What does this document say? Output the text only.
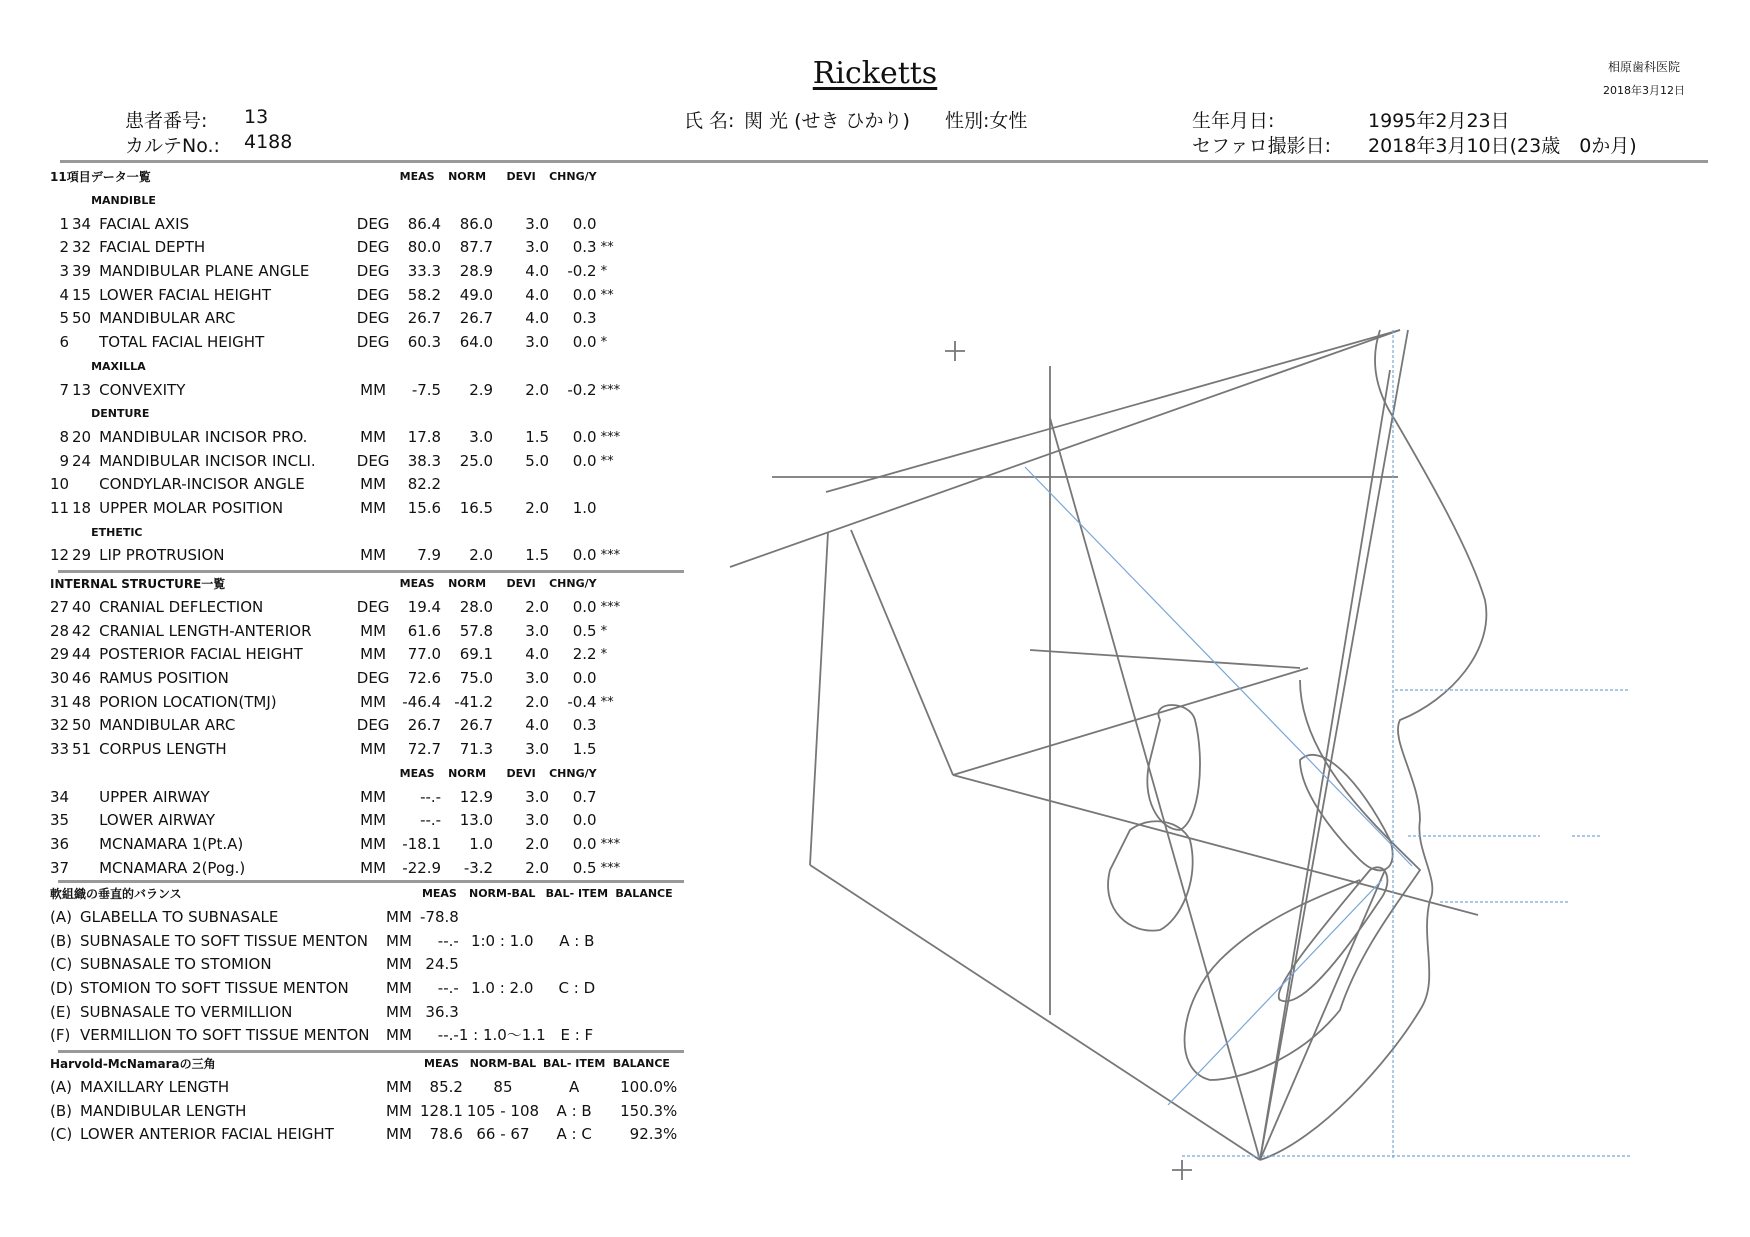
Ricketts	相原歯科医院
2018年3月12日
患者番号: 13
カルテNo.: 4188
氏 名: 関 光 (せき ひかり) 性別:女性	生年月日:	1995年2月23日
セファロ撮影日: 2018年3月10日(23歳　0か月)
11項目データ一覧				MEAS	NORM	DEVI	CHNG/Y	
		MANDIBLE						
1	34	FACIAL AXIS	DEG	86.4	86.0	3.0	0.0	
2	32	FACIAL DEPTH	DEG	80.0	87.7	3.0	0.3	**
3	39	MANDIBULAR PLANE ANGLE	DEG	33.3	28.9	4.0	-0.2	*
4	15	LOWER FACIAL HEIGHT	DEG	58.2	49.0	4.0	0.0	**
5	50	MANDIBULAR ARC	DEG	26.7	26.7	4.0	0.3	
6		TOTAL FACIAL HEIGHT	DEG	60.3	64.0	3.0	0.0	*
		MAXILLA						
7	13	CONVEXITY	MM	-7.5	2.9	2.0	-0.2	***
		DENTURE						
8	20	MANDIBULAR INCISOR PRO.	MM	17.8	3.0	1.5	0.0	***
9	24	MANDIBULAR INCISOR INCLI.	DEG	38.3	25.0	5.0	0.0	**
10		CONDYLAR-INCISOR ANGLE	MM	82.2				
11	18	UPPER MOLAR POSITION	MM	15.6	16.5	2.0	1.0	
		ETHETIC						
12	29	LIP PROTRUSION	MM	7.9	2.0	1.5	0.0	***
INTERNAL STRUCTURE一覧				MEAS	NORM	DEVI	CHNG/Y	
27	40	CRANIAL DEFLECTION	DEG	19.4	28.0	2.0	0.0	***
28	42	CRANIAL LENGTH-ANTERIOR	MM	61.6	57.8	3.0	0.5	*
29	44	POSTERIOR FACIAL HEIGHT	MM	77.0	69.1	4.0	2.2	*
30	46	RAMUS POSITION	DEG	72.6	75.0	3.0	0.0	
31	48	PORION LOCATION(TMJ)	MM	-46.4	-41.2	2.0	-0.4	**
32	50	MANDIBULAR ARC	DEG	26.7	26.7	4.0	0.3	
33	51	CORPUS LENGTH	MM	72.7	71.3	3.0	1.5	
				MEAS	NORM	DEVI	CHNG/Y	
34		UPPER AIRWAY	MM	--.-	12.9	3.0	0.7	
35		LOWER AIRWAY	MM	--.-	13.0	3.0	0.0	
36		MCNAMARA 1(Pt.A)	MM	-18.1	1.0	2.0	0.0	***
37		MCNAMARA 2(Pog.)	MM	-22.9	-3.2	2.0	0.5	***
軟組織の垂直的バランス			MEAS	NORM-BAL	BAL- ITEM	BALANCE
(A)	GLABELLA TO SUBNASALE	MM	-78.8			
(B)	SUBNASALE TO SOFT TISSUE MENTON	MM	--.-	1:0 : 1.0	A : B	
(C)	SUBNASALE TO STOMION	MM	24.5			
(D)	STOMION TO SOFT TISSUE MENTON	MM	--.-	1.0 : 2.0	C : D	
(E)	SUBNASALE TO VERMILLION	MM	36.3			
(F)	VERMILLION TO SOFT TISSUE MENTON	MM	--.-	1 : 1.0〜1.1	E : F	
Harvold-McNamaraの三角			MEAS	NORM-BAL	BAL- ITEM	BALANCE
(A)	MAXILLARY LENGTH	MM	85.2	85	A	100.0%
(B)	MANDIBULAR LENGTH	MM	128.1	105 - 108	A : B	150.3%
(C)	LOWER ANTERIOR FACIAL HEIGHT	MM	78.6	66 - 67	A : C	92.3%
